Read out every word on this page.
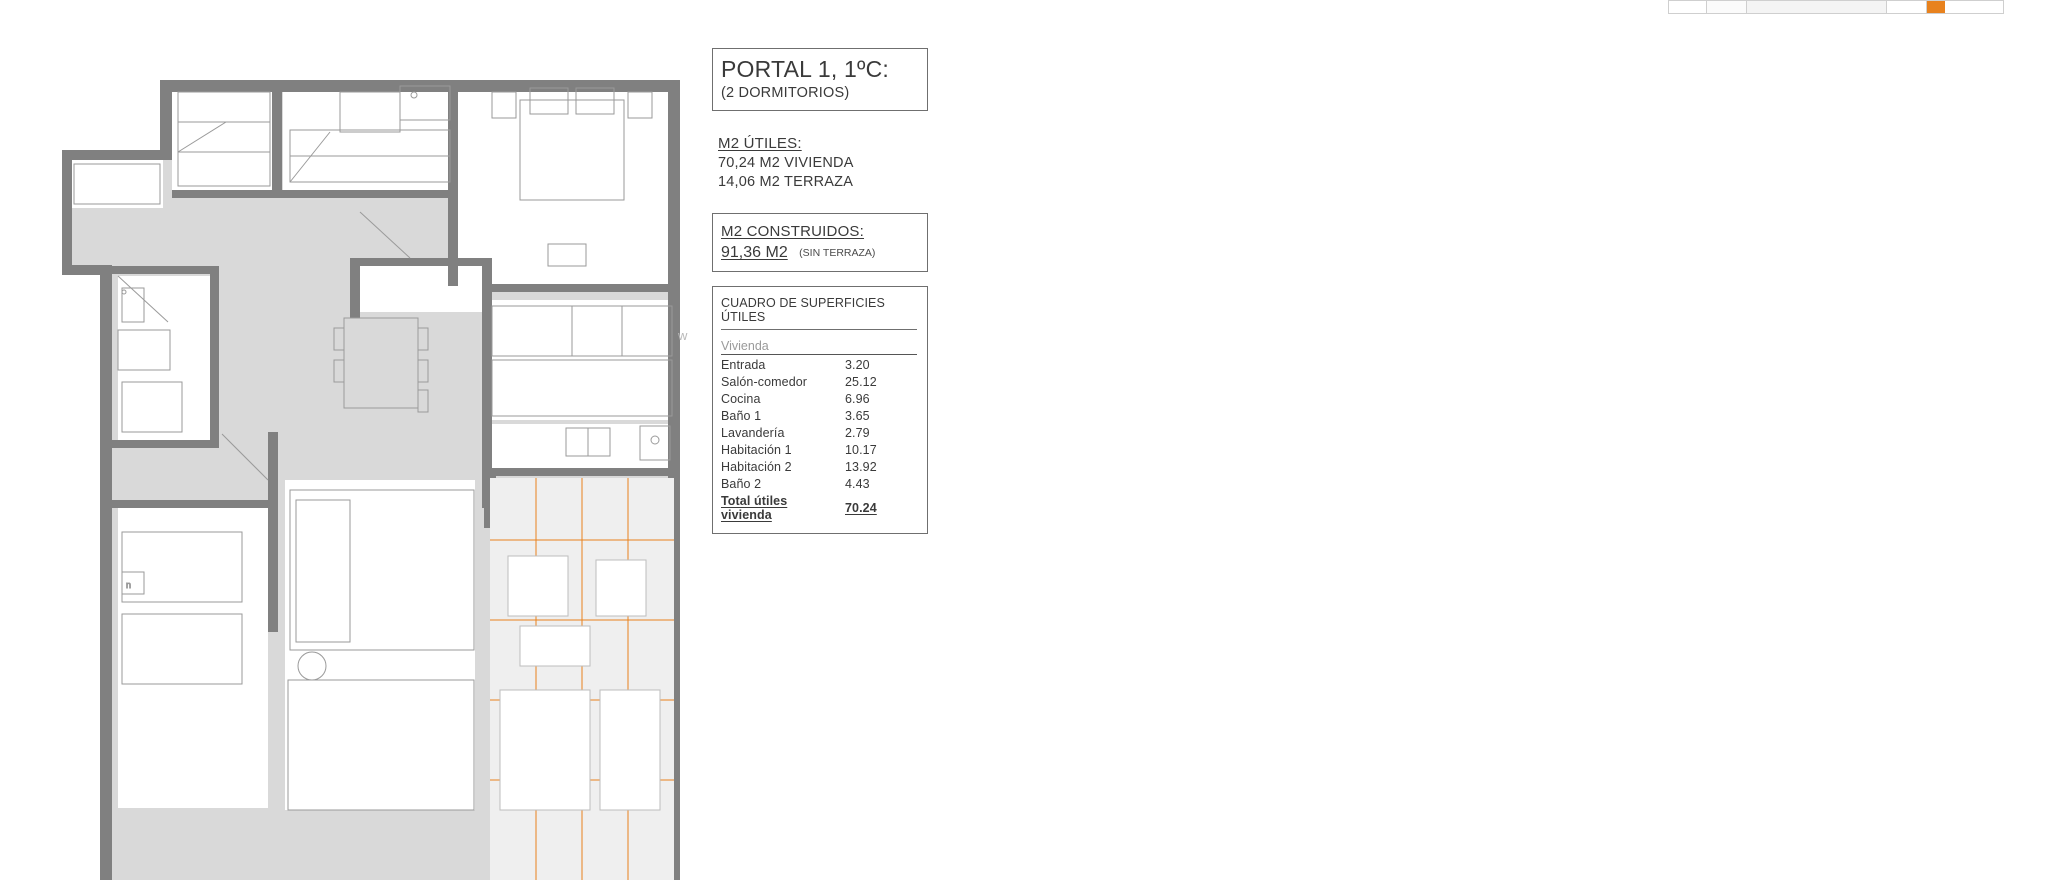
n
w
PORTAL 1, 1ºC:
(2 DORMITORIOS)
M2 ÚTILES:
70,24 M2 VIVIENDA
14,06 M2 TERRAZA
M2 CONSTRUIDOS:
91,36 M2 (SIN TERRAZA)
CUADRO DE SUPERFICIES ÚTILES
Vivienda
Entrada	3.20
Salón-comedor	25.12
Cocina	6.96
Baño 1	3.65
Lavandería	2.79
Habitación 1	10.17
Habitación 2	13.92
Baño 2	4.43
Total útiles vivienda	70.24
